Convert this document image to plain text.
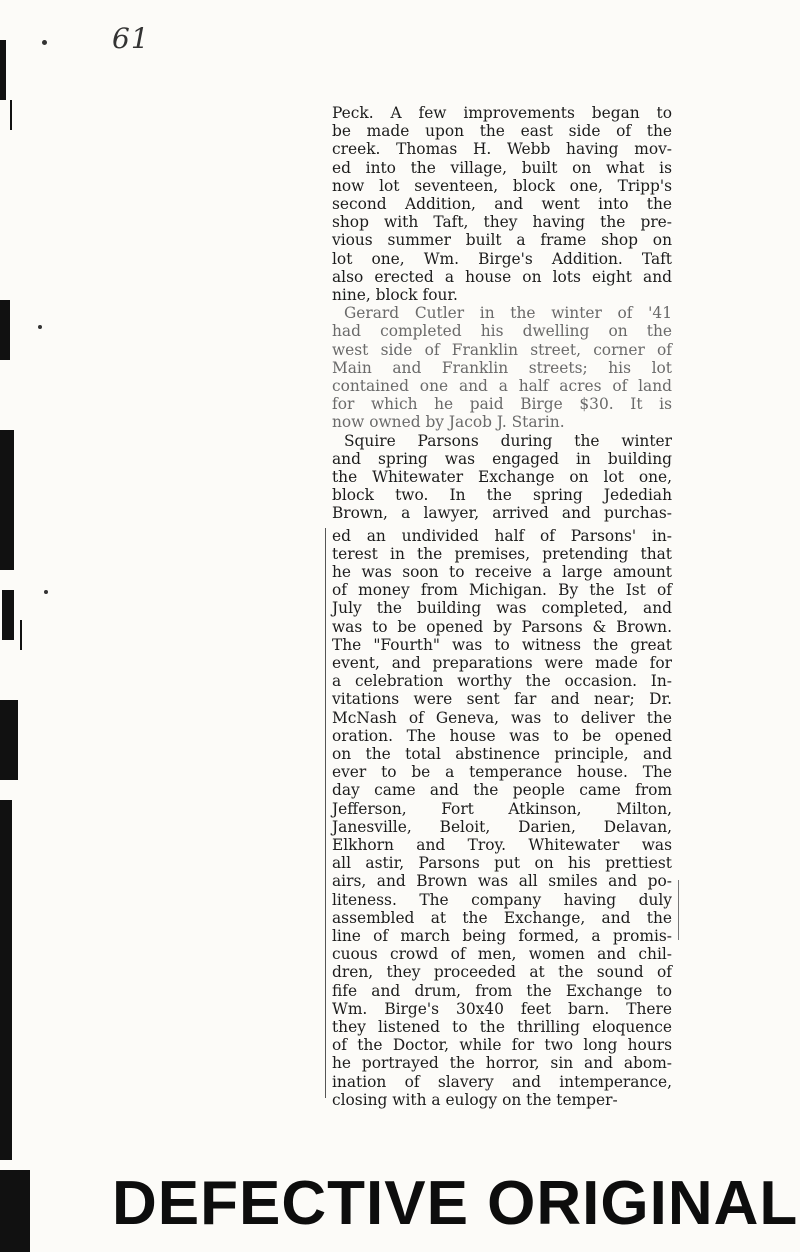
61
Peck. A few improvements began to
be made upon the east side of the
creek. Thomas H. Webb having mov-
ed into the village, built on what is
now lot seventeen, block one, Tripp's
second Addition, and went into the
shop with Taft, they having the pre-
vious summer built a frame shop on
lot one, Wm. Birge's Addition. Taft
also erected a house on lots eight and
nine, block four.
Gerard Cutler in the winter of '41
had completed his dwelling on the
west side of Franklin street, corner of
Main and Franklin streets; his lot
contained one and a half acres of land
for which he paid Birge $30. It is
now owned by Jacob J. Starin.
Squire Parsons during the winter
and spring was engaged in building
the Whitewater Exchange on lot one,
block two. In the spring Jedediah
Brown, a lawyer, arrived and purchas-
ed an undivided half of Parsons' in-
terest in the premises, pretending that
he was soon to receive a large amount
of money from Michigan. By the Ist of
July the building was completed, and
was to be opened by Parsons & Brown.
The "Fourth" was to witness the great
event, and preparations were made for
a celebration worthy the occasion. In-
vitations were sent far and near; Dr.
McNash of Geneva, was to deliver the
oration. The house was to be opened
on the total abstinence principle, and
ever to be a temperance house. The
day came and the people came from
Jefferson, Fort Atkinson, Milton,
Janesville, Beloit, Darien, Delavan,
Elkhorn and Troy. Whitewater was
all astir, Parsons put on his prettiest
airs, and Brown was all smiles and po-
liteness. The company having duly
assembled at the Exchange, and the
line of march being formed, a promis-
cuous crowd of men, women and chil-
dren, they proceeded at the sound of
fife and drum, from the Exchange to
Wm. Birge's 30x40 feet barn. There
they listened to the thrilling eloquence
of the Doctor, while for two long hours
he portrayed the horror, sin and abom-
ination of slavery and intemperance,
closing with a eulogy on the temper-
DEFECTIVE ORIGINAL
